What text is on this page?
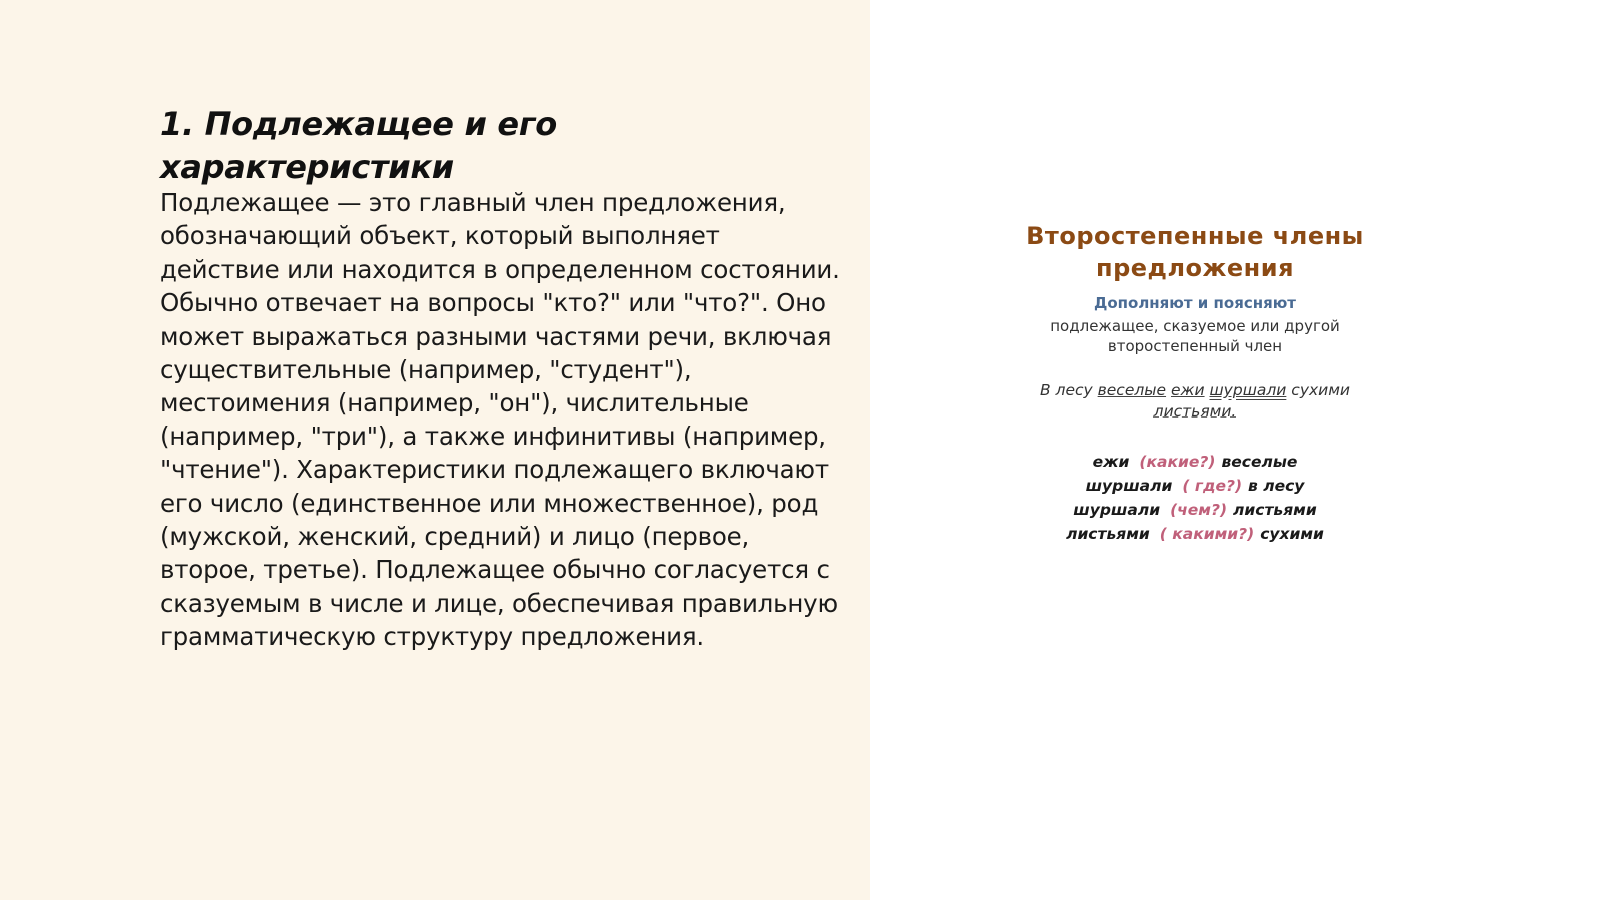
1. Подлежащее и его характеристики

Подлежащее — это главный член предложения, обозначающий объект, который выполняет действие или находится в определенном состоянии. Обычно отвечает на вопросы "кто?" или "что?". Оно может выражаться разными частями речи, включая существительные (например, "студент"), местоимения (например, "он"), числительные (например, "три"), а также инфинитивы (например, "чтение"). Характеристики подлежащего включают его число (единственное или множественное), род (мужской, женский, средний) и лицо (первое, второе, третье). Подлежащее обычно согласуется с сказуемым в числе и лице, обеспечивая правильную грамматическую структуру предложения.

Второстепенные члены предложения
Дополняют и поясняют
подлежащее, сказуемое или другой второстепенный член
В лесу веселые ежи шуршали сухими листьями.
ежи (какие?) веселые
шуршали ( где?) в лесу
шуршали (чем?) листьями
листьями ( какими?) сухими
